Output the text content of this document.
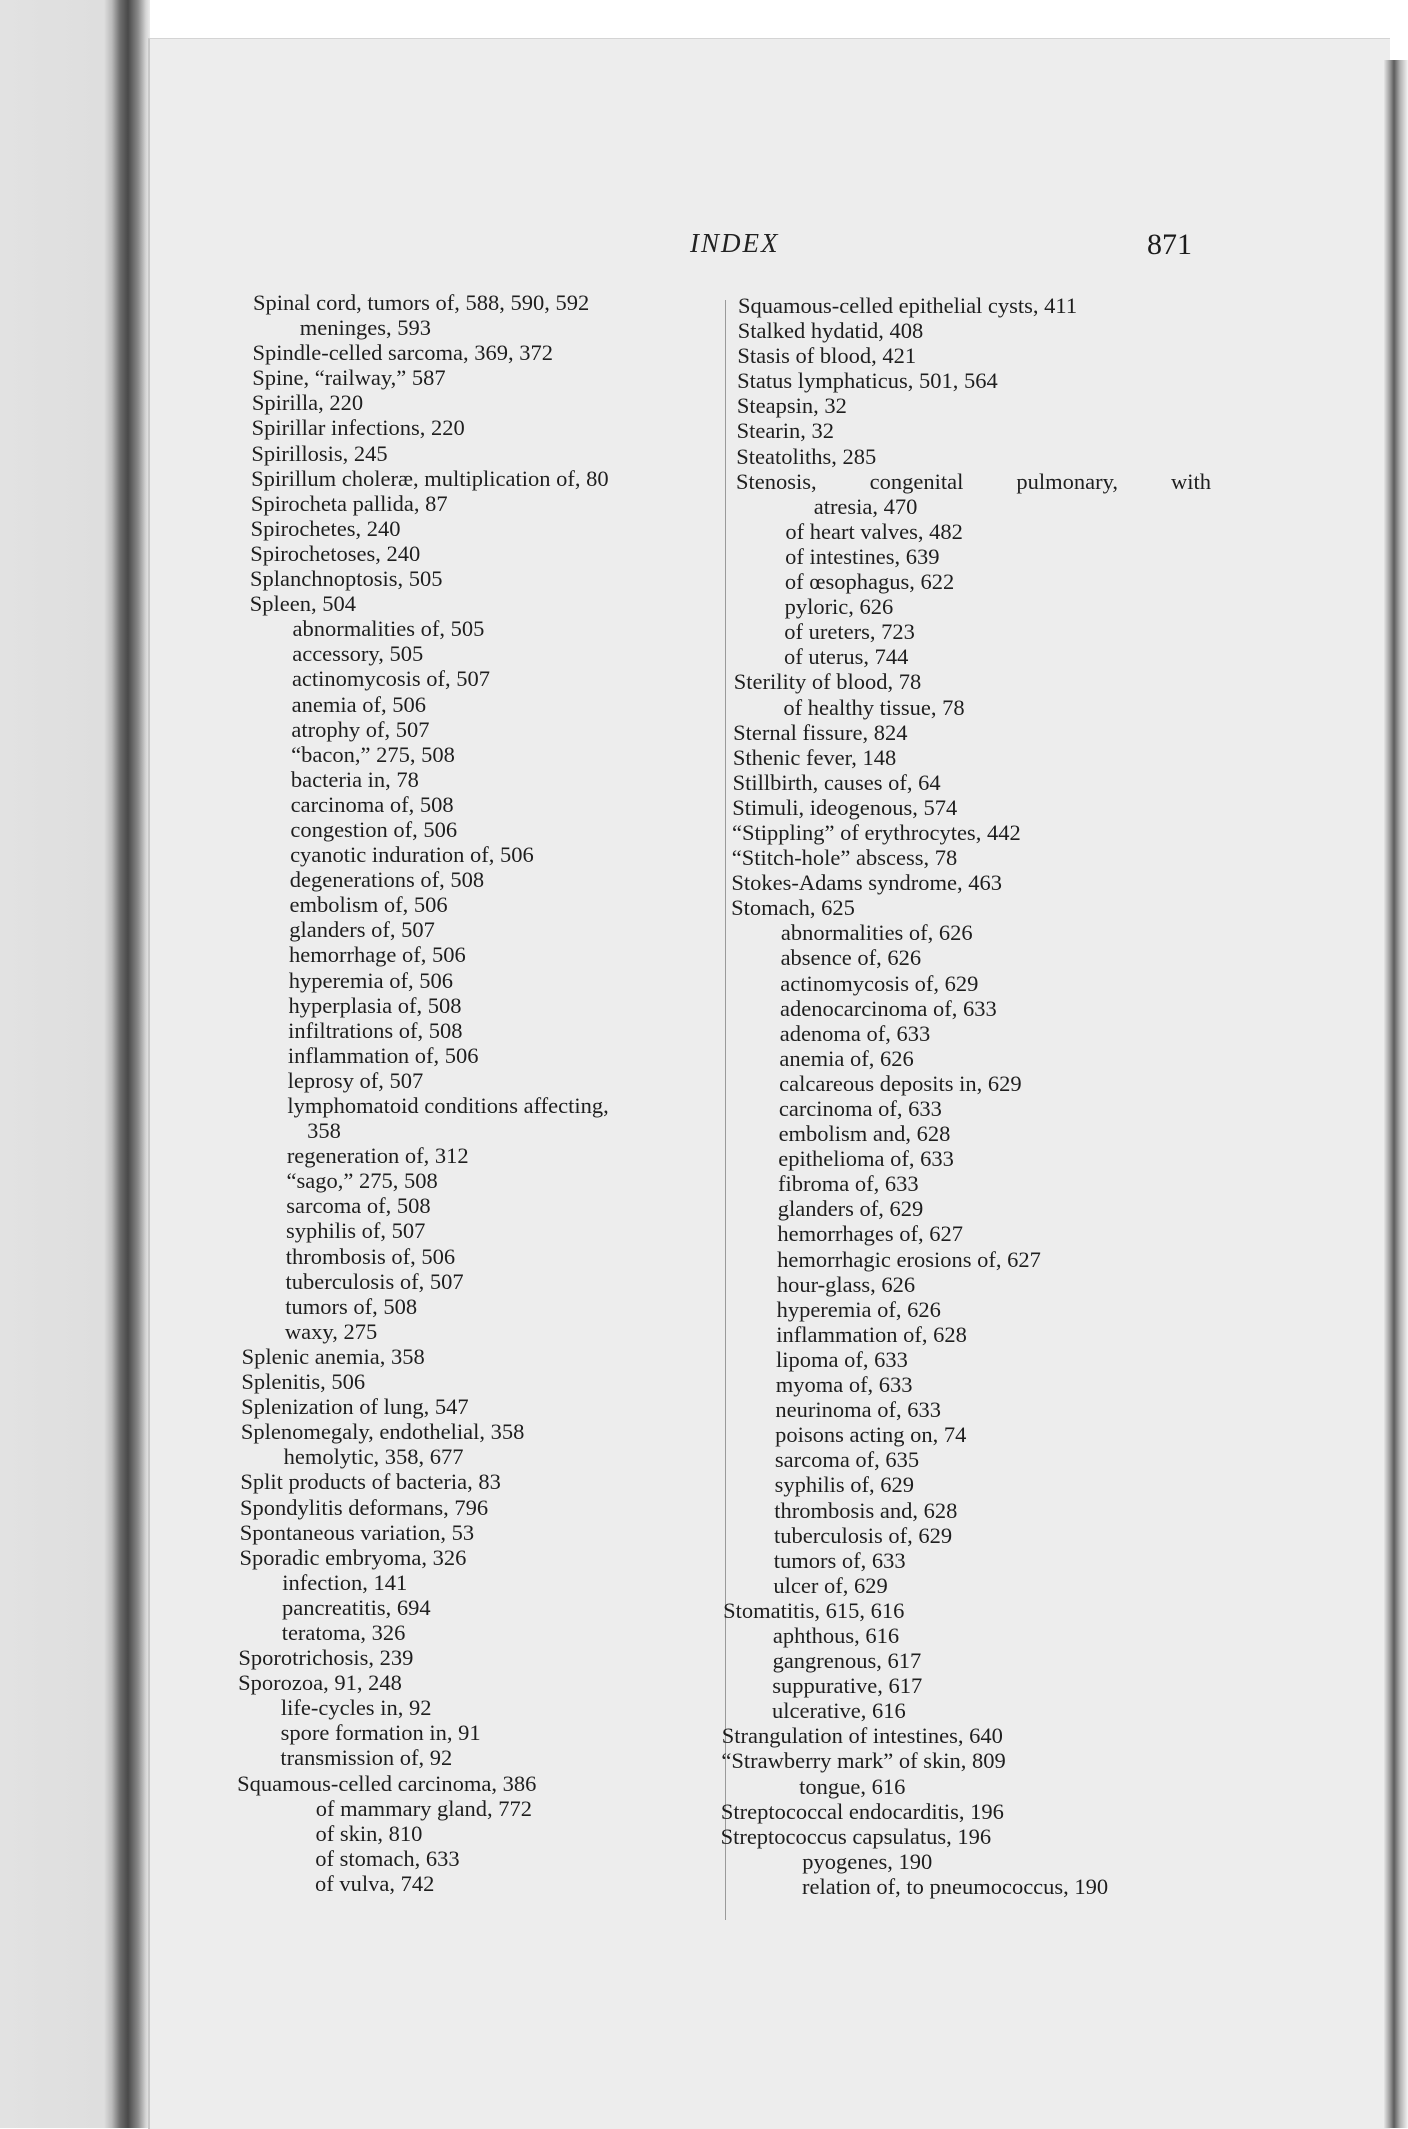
INDEX	871
Spinal cord, tumors of, 588, 590, 592
meninges, 593
Spindle-celled sarcoma, 369, 372
Spine, “railway,” 587
Spirilla, 220
Spirillar infections, 220
Spirillosis, 245
Spirillum choleræ, multiplication of, 80
Spirocheta pallida, 87
Spirochetes, 240
Spirochetoses, 240
Splanchnoptosis, 505
Spleen, 504
abnormalities of, 505
accessory, 505
actinomycosis of, 507
anemia of, 506
atrophy of, 507
“bacon,” 275, 508
bacteria in, 78
carcinoma of, 508
congestion of, 506
cyanotic induration of, 506
degenerations of, 508
embolism of, 506
glanders of, 507
hemorrhage of, 506
hyperemia of, 506
hyperplasia of, 508
infiltrations of, 508
inflammation of, 506
leprosy of, 507
lymphomatoid conditions affecting,
358
regeneration of, 312
“sago,” 275, 508
sarcoma of, 508
syphilis of, 507
thrombosis of, 506
tuberculosis of, 507
tumors of, 508
waxy, 275
Splenic anemia, 358
Splenitis, 506
Splenization of lung, 547
Splenomegaly, endothelial, 358
hemolytic, 358, 677
Split products of bacteria, 83
Spondylitis deformans, 796
Spontaneous variation, 53
Sporadic embryoma, 326
infection, 141
pancreatitis, 694
teratoma, 326
Sporotrichosis, 239
Sporozoa, 91, 248
life-cycles in, 92
spore formation in, 91
transmission of, 92
Squamous-celled carcinoma, 386
of mammary gland, 772
of skin, 810
of stomach, 633
of vulva, 742
Squamous-celled epithelial cysts, 411
Stalked hydatid, 408
Stasis of blood, 421
Status lymphaticus, 501, 564
Steapsin, 32
Stearin, 32
Steatoliths, 285
Stenosis, congenital pulmonary, with
atresia, 470
of heart valves, 482
of intestines, 639
of œsophagus, 622
pyloric, 626
of ureters, 723
of uterus, 744
Sterility of blood, 78
of healthy tissue, 78
Sternal fissure, 824
Sthenic fever, 148
Stillbirth, causes of, 64
Stimuli, ideogenous, 574
“Stippling” of erythrocytes, 442
“Stitch-hole” abscess, 78
Stokes-Adams syndrome, 463
Stomach, 625
abnormalities of, 626
absence of, 626
actinomycosis of, 629
adenocarcinoma of, 633
adenoma of, 633
anemia of, 626
calcareous deposits in, 629
carcinoma of, 633
embolism and, 628
epithelioma of, 633
fibroma of, 633
glanders of, 629
hemorrhages of, 627
hemorrhagic erosions of, 627
hour-glass, 626
hyperemia of, 626
inflammation of, 628
lipoma of, 633
myoma of, 633
neurinoma of, 633
poisons acting on, 74
sarcoma of, 635
syphilis of, 629
thrombosis and, 628
tuberculosis of, 629
tumors of, 633
ulcer of, 629
Stomatitis, 615, 616
aphthous, 616
gangrenous, 617
suppurative, 617
ulcerative, 616
Strangulation of intestines, 640
“Strawberry mark” of skin, 809
tongue, 616
Streptococcal endocarditis, 196
Streptococcus capsulatus, 196
pyogenes, 190
relation of, to pneumococcus, 190
